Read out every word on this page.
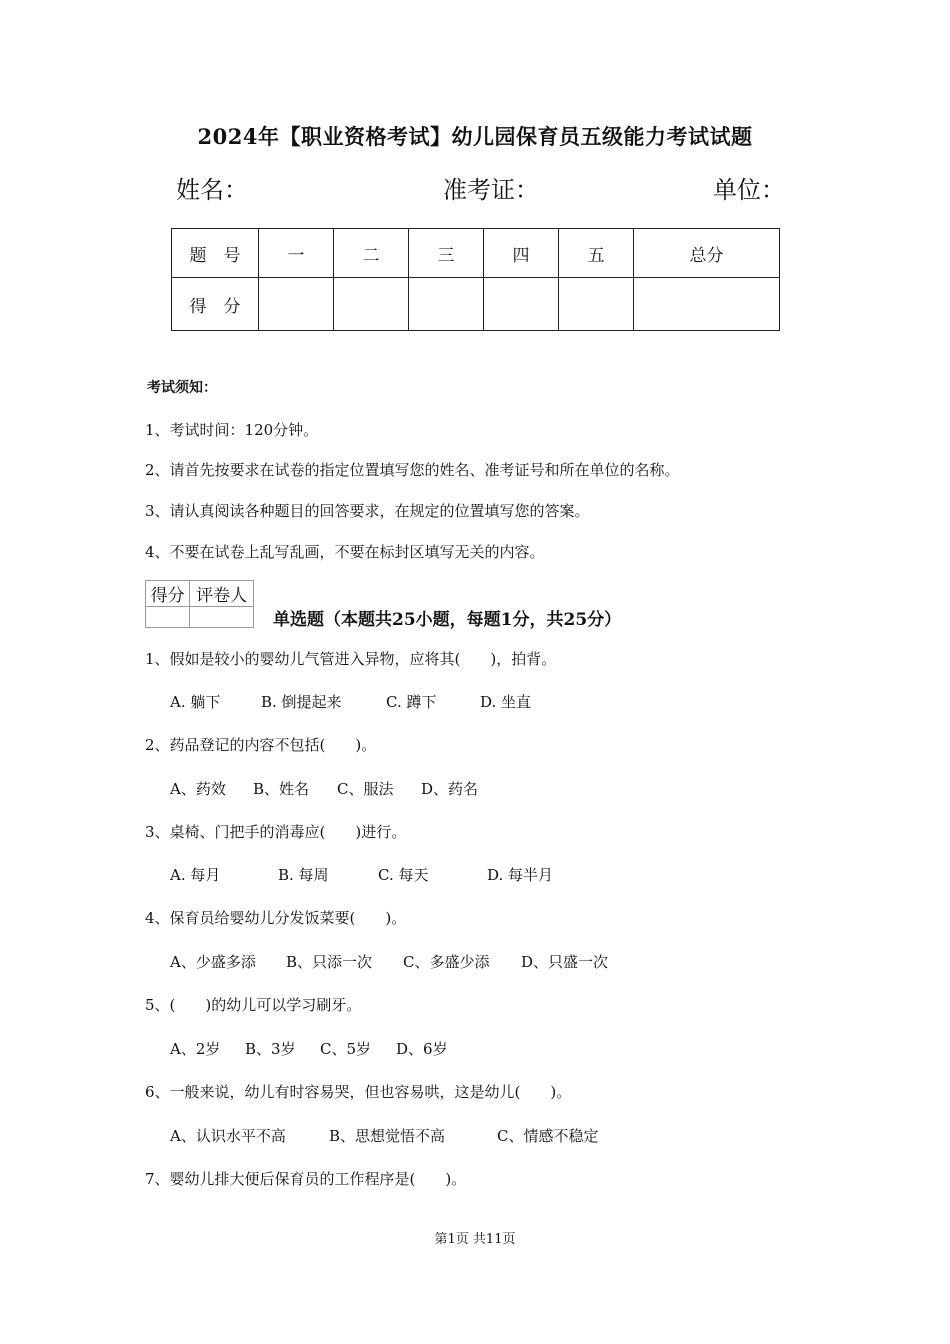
2024年【职业资格考试】幼儿园保育员五级能力考试试题
姓名：	准考证：	单位：
题　号	一	二	三	四	五	总分
得　分						
考试须知：
1、考试时间：120分钟。
2、请首先按要求在试卷的指定位置填写您的姓名、准考证号和所在单位的名称。
3、请认真阅读各种题目的回答要求，在规定的位置填写您的答案。
4、不要在试卷上乱写乱画，不要在标封区填写无关的内容。
得分	评卷人

单选题（本题共25小题，每题1分，共25分）
1、假如是较小的婴幼儿气管进入异物，应将其(　　)，拍背。
A. 躺下	B. 倒提起来	C. 蹲下	D. 坐直
2、药品登记的内容不包括(　　)。
A、药效 B、姓名 C、服法 D、药名
3、桌椅、门把手的消毒应(　　)进行。
A. 每月	B. 每周	C. 每天	D. 每半月
4、保育员给婴幼儿分发饭菜要(　　)。
A、少盛多添 B、只添一次 C、多盛少添 D、只盛一次
5、(　　)的幼儿可以学习刷牙。
A、2岁 B、3岁 C、5岁 D、6岁
6、一般来说，幼儿有时容易哭，但也容易哄，这是幼儿(　　)。
A、认识水平不高	B、思想觉悟不高	C、情感不稳定
7、婴幼儿排大便后保育员的工作程序是(　　)。
第1页 共11页
